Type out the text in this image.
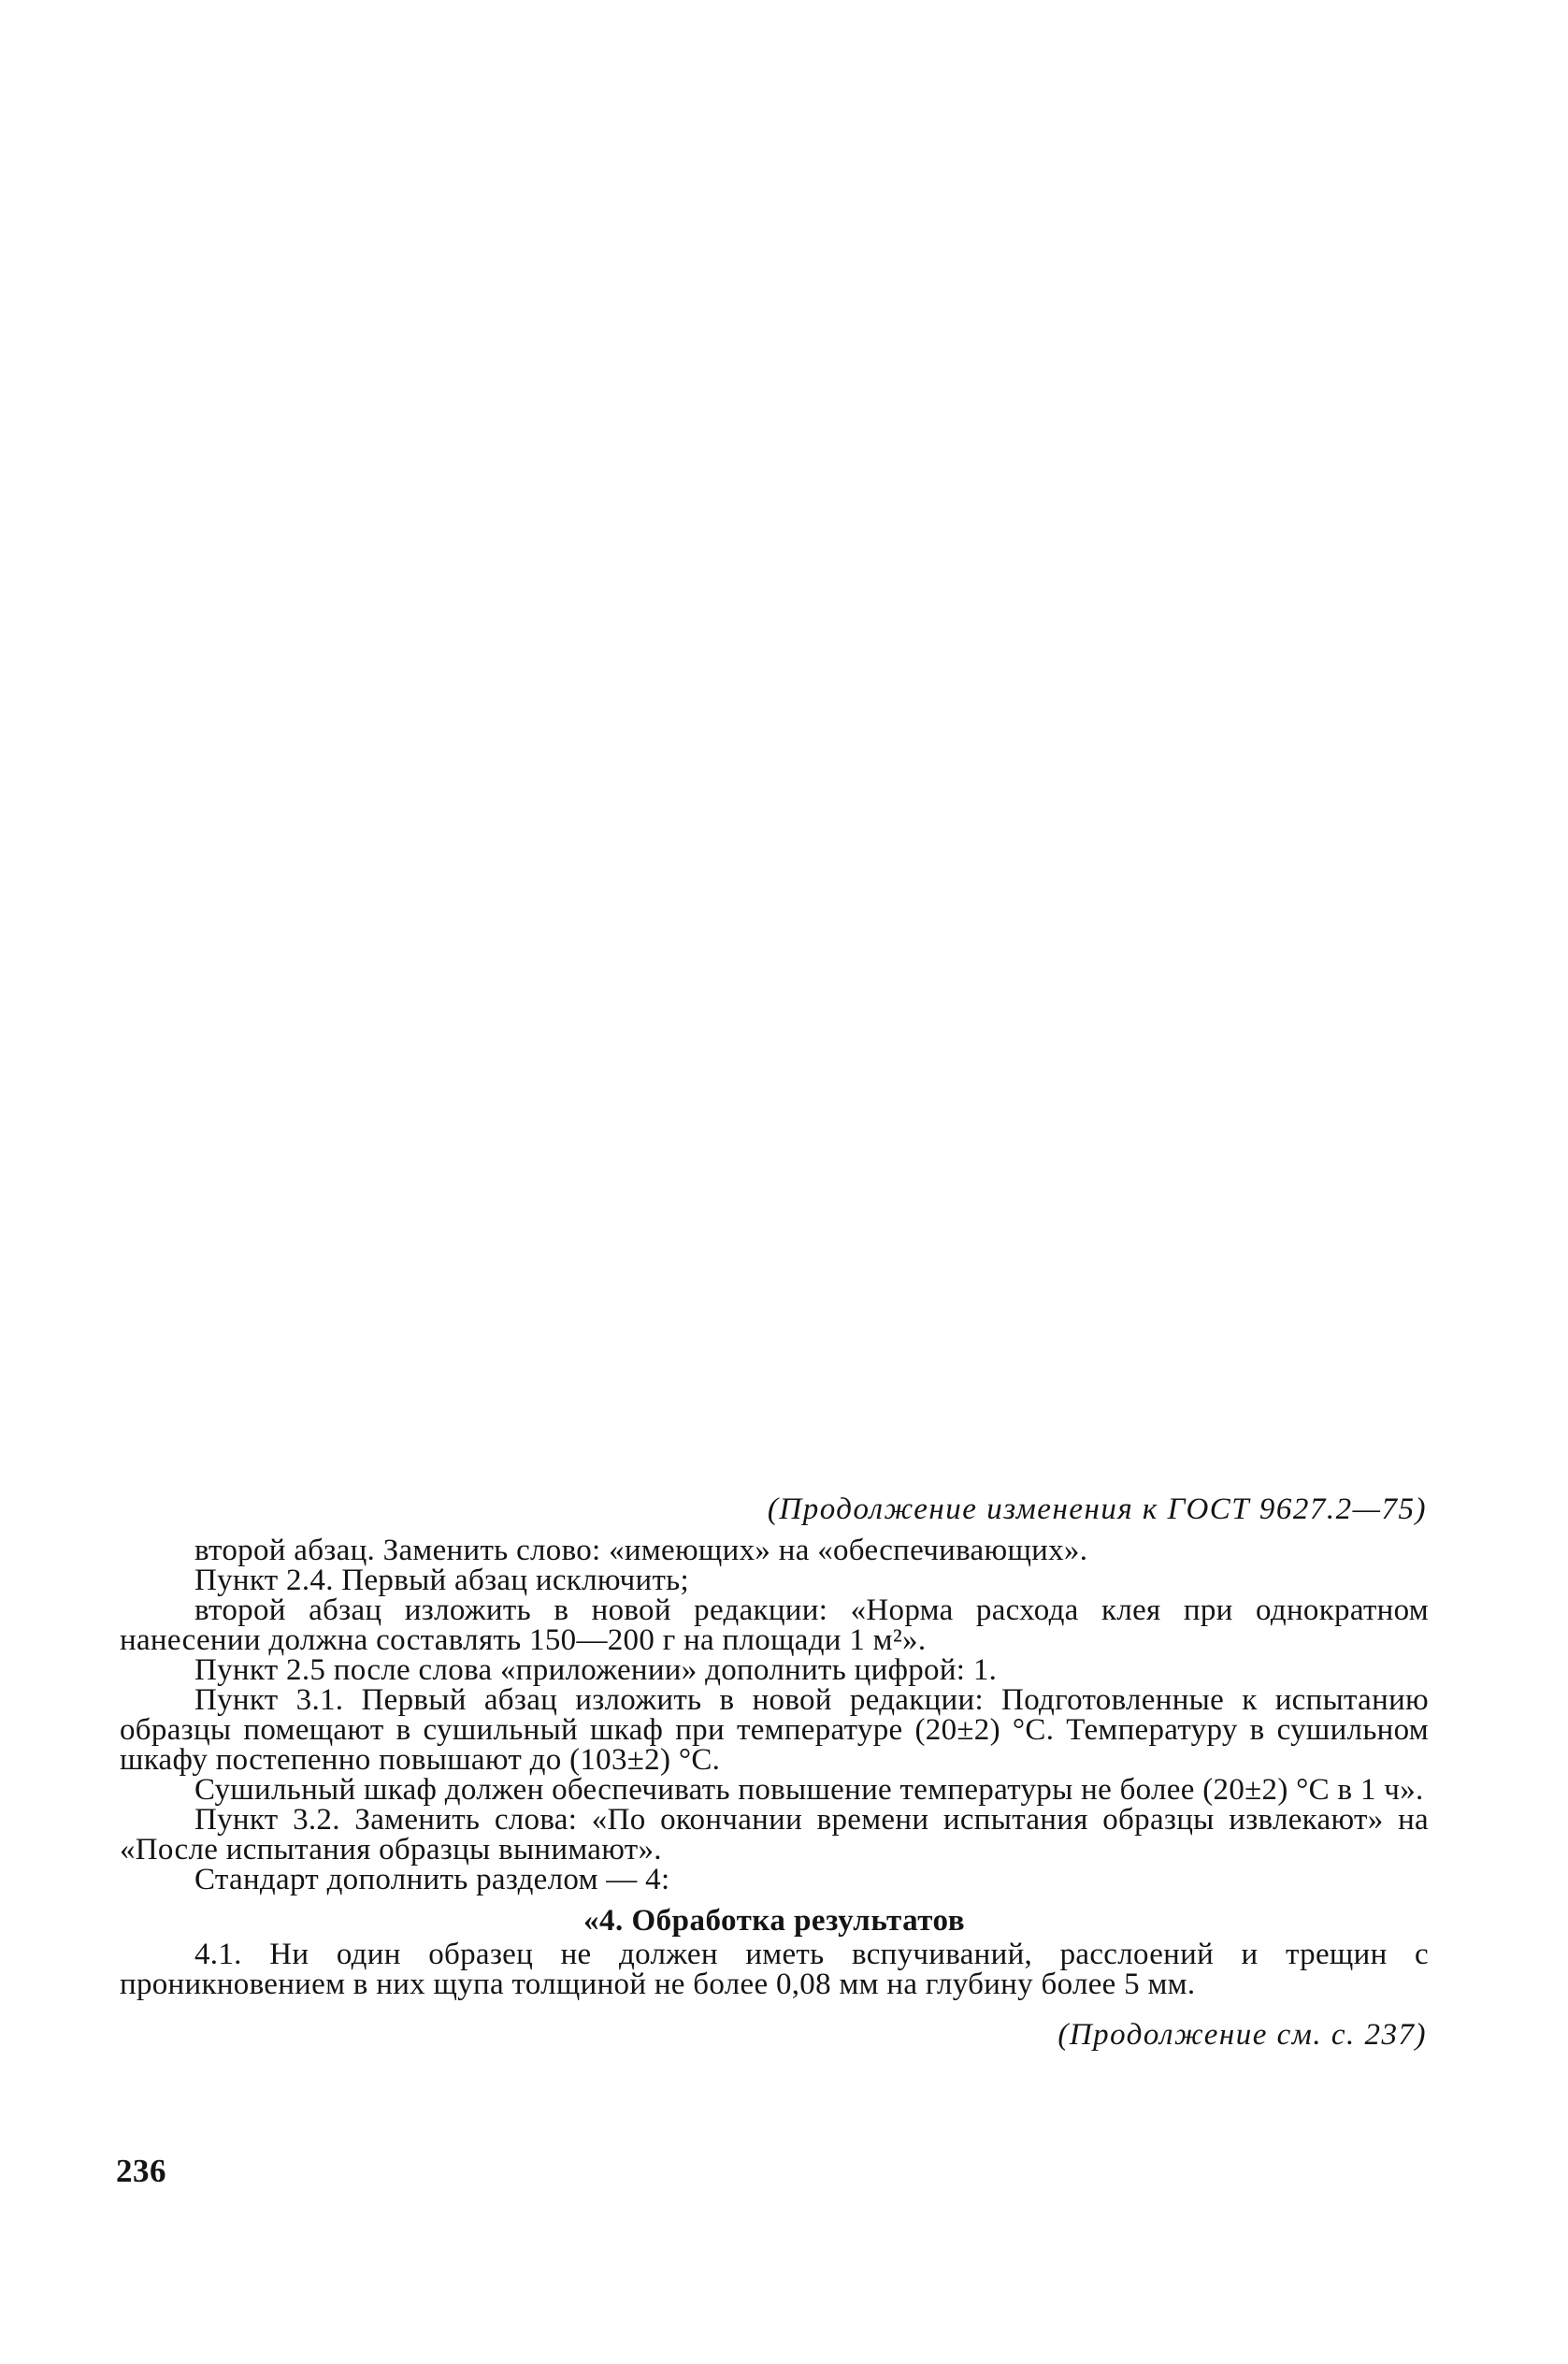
(Продолжение изменения к ГОСТ 9627.2—75)

второй абзац. Заменить слово: «имеющих» на «обеспечивающих».

Пункт 2.4. Первый абзац исключить;

второй абзац изложить в новой редакции: «Норма расхода клея при однократном нанесении должна составлять 150—200 г на площади 1 м²».

Пункт 2.5 после слова «приложении» дополнить цифрой: 1.

Пункт 3.1. Первый абзац изложить в новой редакции: Подготовленные к испытанию образцы помещают в сушильный шкаф при температуре (20±2) °С. Температуру в сушильном шкафу постепенно повышают до (103±2) °С.

Сушильный шкаф должен обеспечивать повышение температуры не более (20±2) °С в 1 ч».

Пункт 3.2. Заменить слова: «По окончании времени испытания образцы извлекают» на «После испытания образцы вынимают».

Стандарт дополнить разделом — 4:

«4. Обработка результатов

4.1. Ни один образец не должен иметь вспучиваний, расслоений и трещин с проникновением в них щупа толщиной не более 0,08 мм на глубину более 5 мм.

(Продолжение см. с. 237)
236
